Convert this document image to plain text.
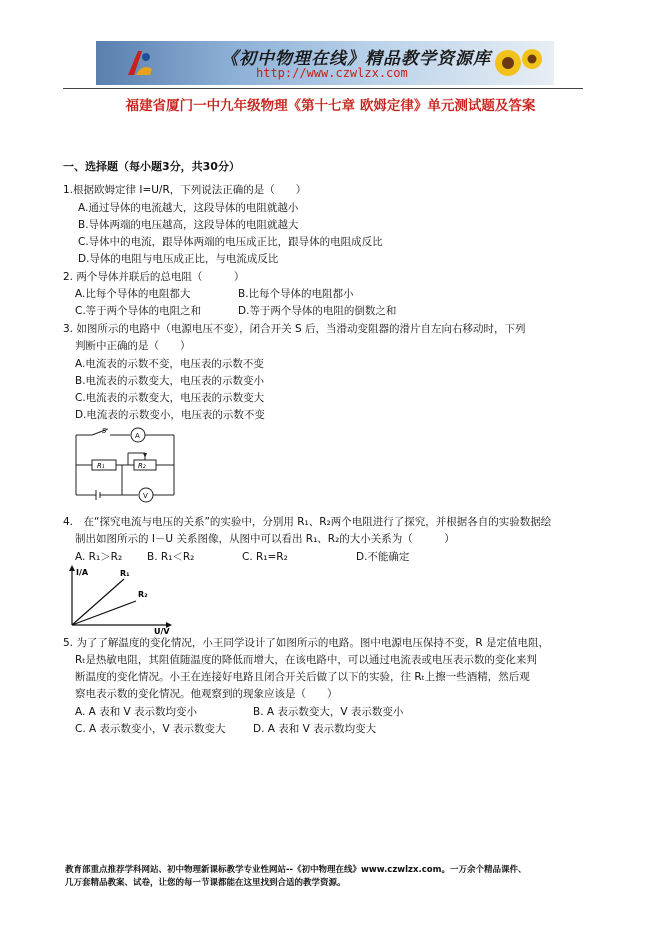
《初中物理在线》精品教学资源库
http://www.czwlzx.com
福建省厦门一中九年级物理《第十七章 欧姆定律》单元测试题及答案
一、选择题（每小题3分，共30分）
1.根据欧姆定律 I=U/R，下列说法正确的是（　　）
A.通过导体的电流越大，这段导体的电阻就越小
B.导体两端的电压越高，这段导体的电阻就越大
C.导体中的电流，跟导体两端的电压成正比，跟导体的电阻成反比
D.导体的电阻与电压成正比，与电流成反比
2. 两个导体并联后的总电阻（　　　）
A.比每个导体的电阻都大	B.比每个导体的电阻都小
C.等于两个导体的电阻之和	D.等于两个导体的电阻的倒数之和
3. 如图所示的电路中（电源电压不变），闭合开关 S 后，当滑动变阻器的滑片自左向右移动时，下列
判断中正确的是（　　）
A.电流表的示数不变，电压表的示数不变
B.电流表的示数变大，电压表的示数变小
C.电流表的示数变大，电压表的示数变大
D.电流表的示数变小，电压表的示数不变
S
A
R₁	R₂
V
4.　在“探究电流与电压的关系”的实验中，分别用 R₁、R₂两个电阻进行了探究，并根据各自的实验数据绘
制出如图所示的 I－U 关系图像，从图中可以看出 R₁、R₂的大小关系为（　　　）
A. R₁＞R₂ B. R₁＜R₂	C. R₁=R₂	D.不能确定
I/A
U/V
R₁
R₂
5. 为了了解温度的变化情况，小王同学设计了如图所示的电路。图中电源电压保持不变，R 是定值电阻，
Rₜ是热敏电阻，其阻值随温度的降低而增大，在该电路中，可以通过电流表或电压表示数的变化来判
断温度的变化情况。小王在连接好电路且闭合开关后做了以下的实验，往 Rₜ上擦一些酒精，然后观
察电表示数的变化情况。他观察到的现象应该是（　　）
A. A 表和 V 表示数均变小	B. A 表示数变大，V 表示数变小
C. A 表示数变小，V 表示数变大	D. A 表和 V 表示数均变大
教育部重点推荐学科网站、初中物理新课标教学专业性网站--《初中物理在线》www.czwlzx.com。一万余个精品课件、
几万套精品教案、试卷，让您的每一节课都能在这里找到合适的教学资源。
